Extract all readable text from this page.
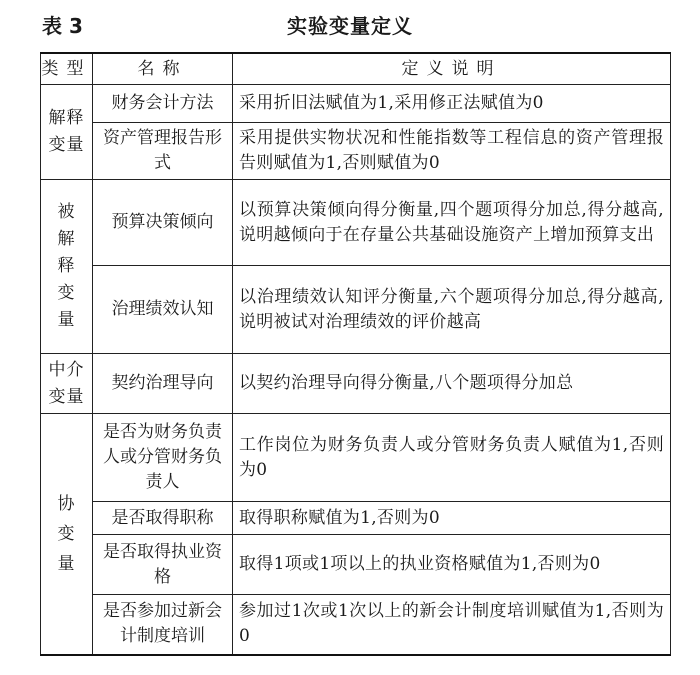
表 3	实验变量定义
类型	名称	定义说明
解释变量	财务会计方法	采用折旧法赋值为1,采用修正法赋值为0
	资产管理报告形式	采用提供实物状况和性能指数等工程信息的资产管理报告则赋值为1,否则赋值为0
被解释变量	预算决策倾向	以预算决策倾向得分衡量,四个题项得分加总,得分越高,说明越倾向于在存量公共基础设施资产上增加预算支出
	治理绩效认知	以治理绩效认知评分衡量,六个题项得分加总,得分越高,说明被试对治理绩效的评价越高
中介变量	契约治理导向	以契约治理导向得分衡量,八个题项得分加总
协变量	是否为财务负责人或分管财务负责人	工作岗位为财务负责人或分管财务负责人赋值为1,否则为0
	是否取得职称	取得职称赋值为1,否则为0
	是否取得执业资格	取得1项或1项以上的执业资格赋值为1,否则为0
	是否参加过新会计制度培训	参加过1次或1次以上的新会计制度培训赋值为1,否则为0
